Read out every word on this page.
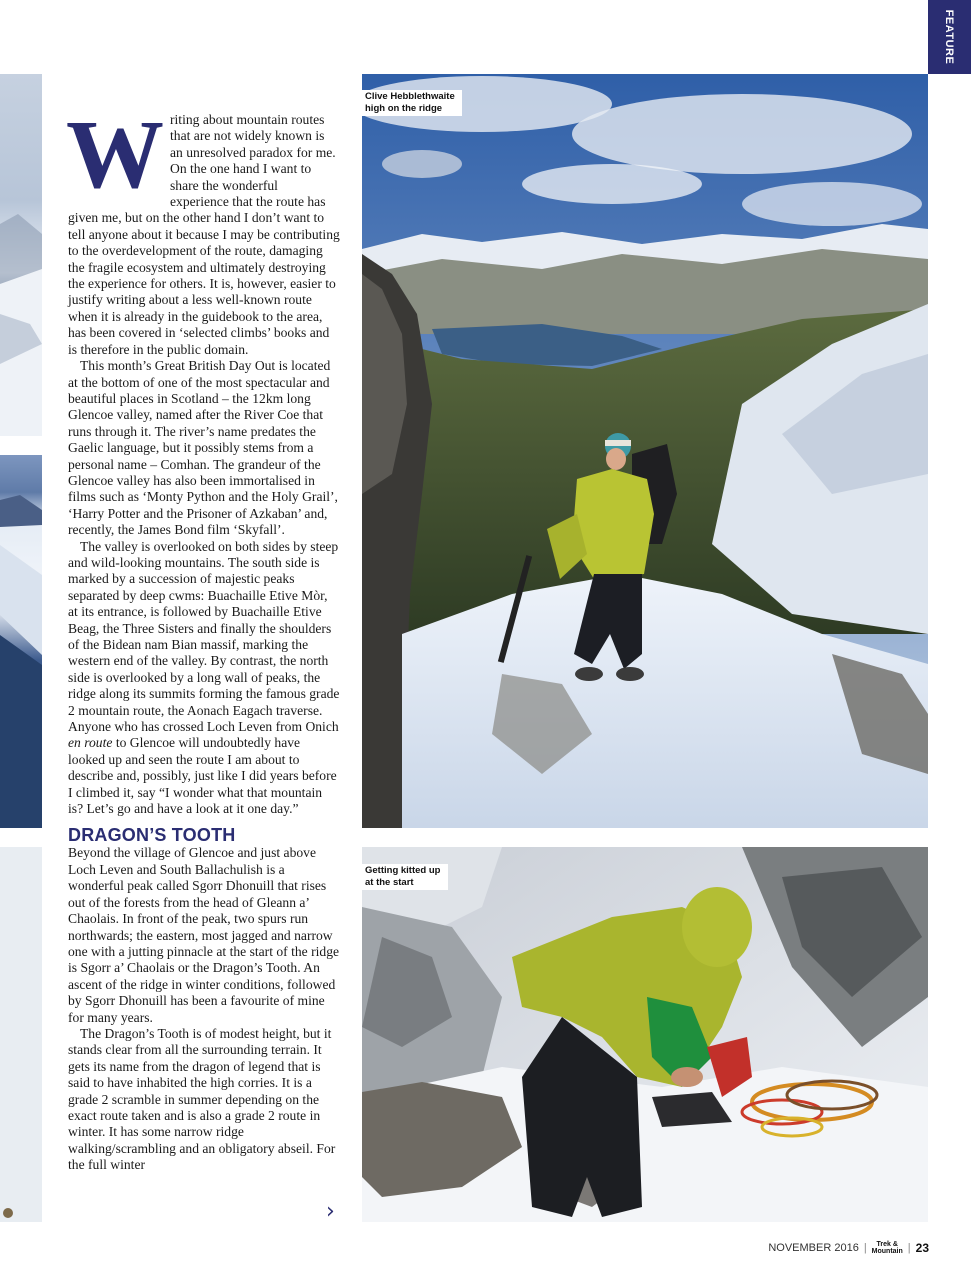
FEATURE

Writing about mountain routes that are not widely known is an unresolved paradox for me. On the one hand I want to share the wonderful experience that the route has given me, but on the other hand I don’t want to tell anyone about it because I may be contributing to the overdevelopment of the route, damaging the fragile ecosystem and ultimately destroying the experience for others. It is, however, easier to justify writing about a less well-known route when it is already in the guidebook to the area, has been covered in ‘selected climbs’ books and is therefore in the public domain.

This month’s Great British Day Out is located at the bottom of one of the most spectacular and beautiful places in Scotland – the 12km long Glencoe valley, named after the River Coe that runs through it. The river’s name predates the Gaelic language, but it possibly stems from a personal name – Comhan. The grandeur of the Glencoe valley has also been immortalised in films such as ‘Monty Python and the Holy Grail’, ‘Harry Potter and the Prisoner of Azkaban’ and, recently, the James Bond film ‘Skyfall’.

The valley is overlooked on both sides by steep and wild-looking mountains. The south side is marked by a succession of majestic peaks separated by deep cwms: Buachaille Etive Mòr, at its entrance, is followed by Buachaille Etive Beag, the Three Sisters and finally the shoulders of the Bidean nam Bian massif, marking the western end of the valley. By contrast, the north side is overlooked by a long wall of peaks, the ridge along its summits forming the famous grade 2 mountain route, the Aonach Eagach traverse. Anyone who has crossed Loch Leven from Onich en route to Glencoe will undoubtedly have looked up and seen the route I am about to describe and, possibly, just like I did years before I climbed it, say “I wonder what that mountain is? Let’s go and have a look at it one day.”

DRAGON’S TOOTH

Beyond the village of Glencoe and just above Loch Leven and South Ballachulish is a wonderful peak called Sgorr Dhonuill that rises out of the forests from the head of Gleann a’ Chaolais. In front of the peak, two spurs run northwards; the eastern, most jagged and narrow one with a jutting pinnacle at the start of the ridge is Sgorr a’ Chaolais or the Dragon’s Tooth. An ascent of the ridge in winter conditions, followed by Sgorr Dhonuill has been a favourite of mine for many years.

The Dragon’s Tooth is of modest height, but it stands clear from all the surrounding terrain. It gets its name from the dragon of legend that is said to have inhabited the high corries. It is a grade 2 scramble in summer depending on the exact route taken and is also a grade 2 route in winter. It has some narrow ridge walking/scrambling and an obligatory abseil. For the full winter

›
Clive Hebblethwaite high on the ridge
Getting kitted up at the start
NOVEMBER 2016 |	Trek &
Mountain | 23
